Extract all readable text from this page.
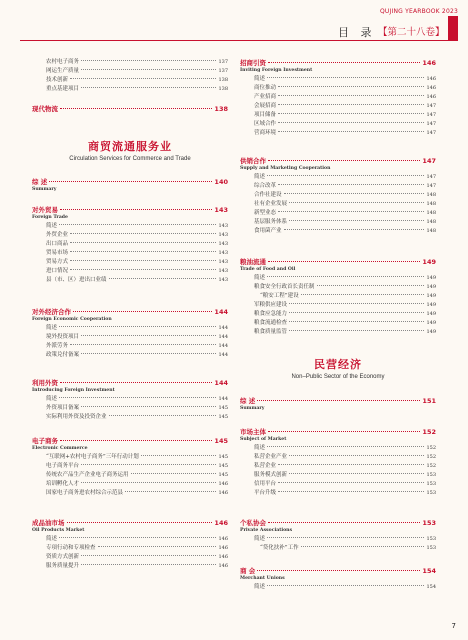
QUJING YEARBOOK 2023
目 录 【第二十八卷】
农村电子商务	137
网运生产质量	137
技术创新	138
重点基建项目	138
现代物流	138
商贸流通服务业
Circulation Services for Commerce and Trade
综 述	140
Summary
对外贸易	143
Foreign Trade
简述	143
外贸企业	143
出口商品	143
贸易市场	143
贸易方式	143
进口情况	143
县（市、区）进出口业绩	143
对外经济合作	144
Foreign Economic Cooperation
简述	144
境外投资项目	144
外派劳务	144
政策兑付备案	144
利用外资	144
Introducing Foreign Investment
简述	144
外资项目备案	145
实际利用外资及投资企业	145
电子商务	145
Electronic Commerce
“互联网+农村电子商务”三年行动计划	145
电子商务平台	145
传统农产品生产企业电子商务运用	145
培训孵化人才	146
国家电子商务进农村综合示范县	146
成品油市场	146
Oil Products Market
简述	146
专项行动和专项检查	146
资质方式创新	146
服务质量提升	146
招商引资	146
Inviting Foreign Investment
简述	146
商位推动	146
产业招商	146
会展招商	147
项目储备	147
区域合作	147
营商环境	147
供销合作	147
Supply and Marketing Cooperation
简述	147
综合改革	147
合作社建设	148
社有企业发展	148
新型业态	148
基层服务体系	148
食用菌产业	148
粮油流通	149
Trade of Food and Oil
简述	149
粮食安全行政首长责任制	149
“粮安工程”建设	149
军粮供应建设	149
粮食应急能力	149
粮食流通检查	149
粮食质量监管	149
民营经济
Non–Public Sector of the Economy
综 述	151
Summary
市场主体	152
Subject of Market
简述	152
私营企业产业	152
私营企业	152
服务模式创新	153
信用平台	153
平台升级	153
个私协会	153
Private Associations
简述	153
“贷化扶补”工作	153
商 会	154
Merchant Unions
简述	154
7
